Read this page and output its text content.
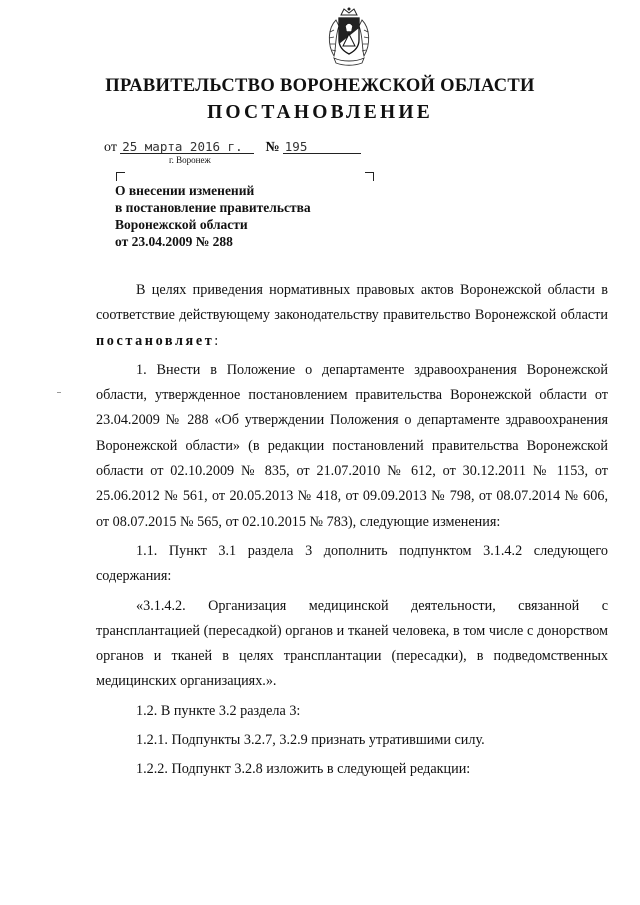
ПРАВИТЕЛЬСТВО ВОРОНЕЖСКОЙ ОБЛАСТИ
ПОСТАНОВЛЕНИЕ
от 25 марта 2016 г. № 195
г. Воронеж
О внесении изменений
в постановление правительства
Воронежской области
от 23.04.2009 № 288

В целях приведения нормативных правовых актов Воронежской области в соответствие действующему законодательству правительство Воронежской области постановляет:

1. Внести в Положение о департаменте здравоохранения Воронежской области, утвержденное постановлением правительства Воронежской области от 23.04.2009 № 288 «Об утверждении Положения о департаменте здравоохранения Воронежской области» (в редакции постановлений правительства Воронежской области от 02.10.2009 № 835, от 21.07.2010 № 612, от 30.12.2011 № 1153, от 25.06.2012 № 561, от 20.05.2013 № 418, от 09.09.2013 № 798, от 08.07.2014 № 606, от 08.07.2015 № 565, от 02.10.2015 № 783), следующие изменения:

1.1. Пункт 3.1 раздела 3 дополнить подпунктом 3.1.4.2 следующего содержания:

«3.1.4.2. Организация медицинской деятельности, связанной с трансплантацией (пересадкой) органов и тканей человека, в том числе с донорством органов и тканей в целях трансплантации (пересадки), в подведомственных медицинских организациях.».

1.2. В пункте 3.2 раздела 3:

1.2.1. Подпункты 3.2.7, 3.2.9 признать утратившими силу.

1.2.2. Подпункт 3.2.8 изложить в следующей редакции:
